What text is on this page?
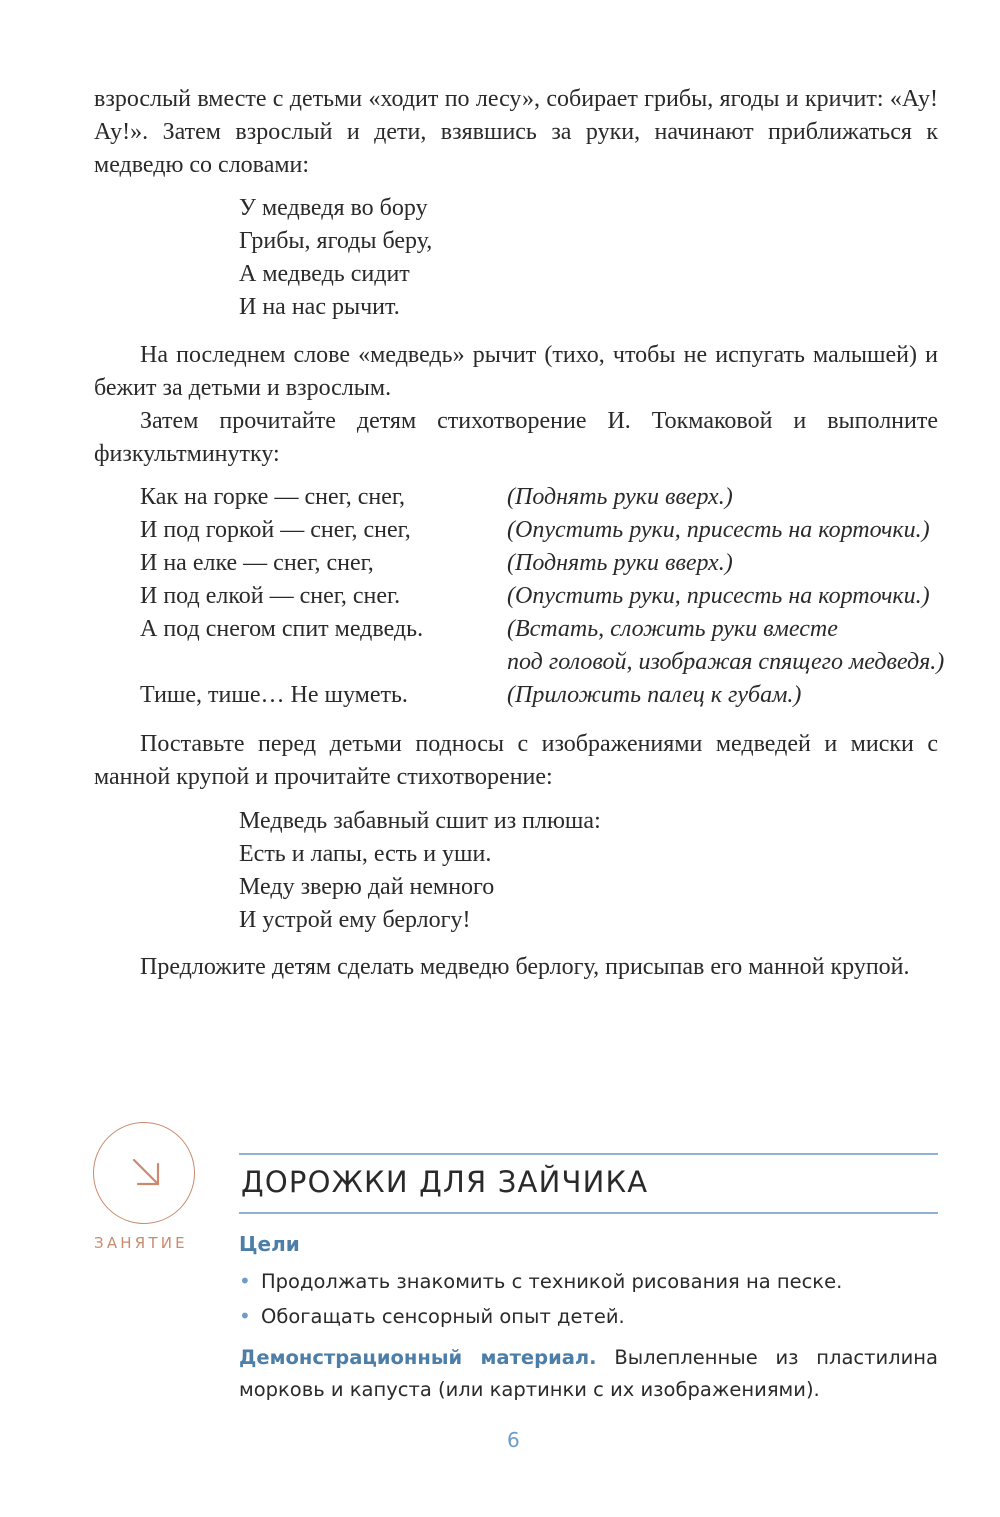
взрослый вместе с детьми «ходит по лесу», собирает грибы, ягоды и кричит: «Ау! Ау!». Затем взрослый и дети, взявшись за руки, начинают приближаться к медведю со словами:

У медведя во бору
Грибы, ягоды беру,
А медведь сидит
И на нас рычит.

На последнем слове «медведь» рычит (тихо, чтобы не испугать малышей) и бежит за детьми и взрослым.

Затем прочитайте детям стихотворение И. Токмаковой и выполните физкультминутку:

Как на горке — снег, снег,	(Поднять руки вверх.)
И под горкой — снег, снег,	(Опустить руки, присесть на корточки.)
И на елке — снег, снег,	(Поднять руки вверх.)
И под елкой — снег, снег.	(Опустить руки, присесть на корточки.)
А под снегом спит медведь.	(Встать, сложить руки вместе
под головой, изображая спящего медведя.)
Тише, тише… Не шуметь.	(Приложить палец к губам.)

Поставьте перед детьми подносы с изображениями медведей и миски с манной крупой и прочитайте стихотворение:

Медведь забавный сшит из плюша:
Есть и лапы, есть и уши.
Меду зверю дай немного
И устрой ему берлогу!

Предложите детям сделать медведю берлогу, присыпав его манной крупой.

ЗАНЯТИЕ
ДОРОЖКИ ДЛЯ ЗАЙЧИКА
Цели
• Продолжать знакомить с техникой рисования на песке.
• Обогащать сенсорный опыт детей.

Демонстрационный материал. Вылепленные из пластилина морковь и капуста (или картинки с их изображениями).

6
